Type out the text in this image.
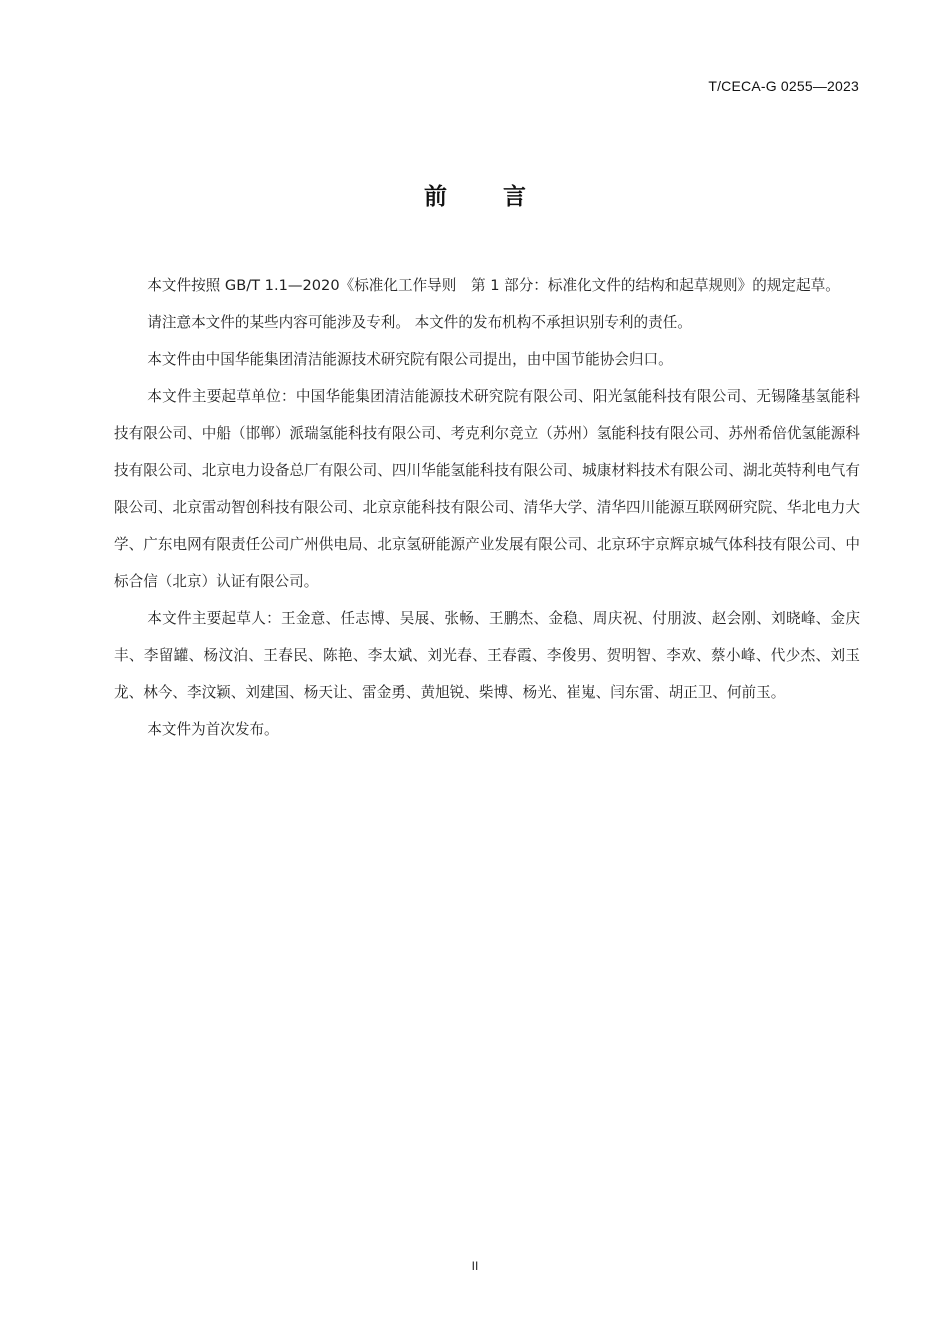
T/CECA-G 0255—2023
前 言

本文件按照 GB/T 1.1—2020《标准化工作导则　第 1 部分：标准化文件的结构和起草规则》的规定起草。

请注意本文件的某些内容可能涉及专利。 本文件的发布机构不承担识别专利的责任。

本文件由中国华能集团清洁能源技术研究院有限公司提出，由中国节能协会归口。

本文件主要起草单位：中国华能集团清洁能源技术研究院有限公司、阳光氢能科技有限公司、无锡隆基氢能科技有限公司、中船（邯郸）派瑞氢能科技有限公司、考克利尔竞立（苏州）氢能科技有限公司、苏州希倍优氢能源科技有限公司、北京电力设备总厂有限公司、四川华能氢能科技有限公司、城康材料技术有限公司、湖北英特利电气有限公司、北京雷动智创科技有限公司、北京京能科技有限公司、清华大学、清华四川能源互联网研究院、华北电力大学、广东电网有限责任公司广州供电局、北京氢研能源产业发展有限公司、北京环宇京辉京城气体科技有限公司、中标合信（北京）认证有限公司。

本文件主要起草人：王金意、任志博、吴展、张畅、王鹏杰、金稳、周庆祝、付朋波、赵会刚、刘晓峰、金庆丰、李留罐、杨汶泊、王春民、陈艳、李太斌、刘光春、王春霞、李俊男、贺明智、李欢、蔡小峰、代少杰、刘玉龙、林今、李汶颖、刘建国、杨天让、雷金勇、黄旭锐、柴博、杨光、崔嵬、闫东雷、胡正卫、何前玉。

本文件为首次发布。

II
